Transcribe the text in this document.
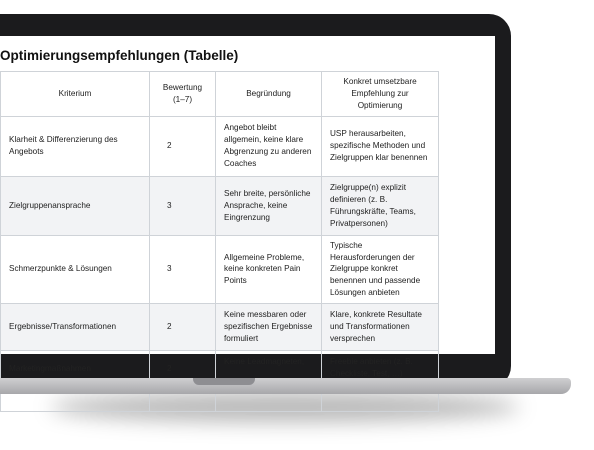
Optimierungsempfehlungen (Tabelle)
Kriterium	Bewertung (1–7)	Begründung	Konkret umsetzbare Empfehlung zur Optimierung
Klarheit & Differenzierung des Angebots	2	Angebot bleibt allgemein, keine klare Abgrenzung zu anderen Coaches	USP herausarbeiten, spezifische Methoden und Zielgruppen klar benennen
Zielgruppenansprache	3	Sehr breite, persönliche Ansprache, keine Eingrenzung	Zielgruppe(n) explizit definieren (z. B. Führungskräfte, Teams, Privatpersonen)
Schmerzpunkte & Lösungen	3	Allgemeine Probleme, keine konkreten Pain Points	Typische Herausforderungen der Zielgruppe konkret benennen und passende Lösungen anbieten
Ergebnisse/Transformationen	2	Keine messbaren oder spezifischen Ergebnisse formuliert	Klare, konkrete Resultate und Transformationen versprechen
Marketingmaßnahmen	2	Keine Leadmagneten,	Freebie anbieten (z. B. Checkliste, Test, …)
